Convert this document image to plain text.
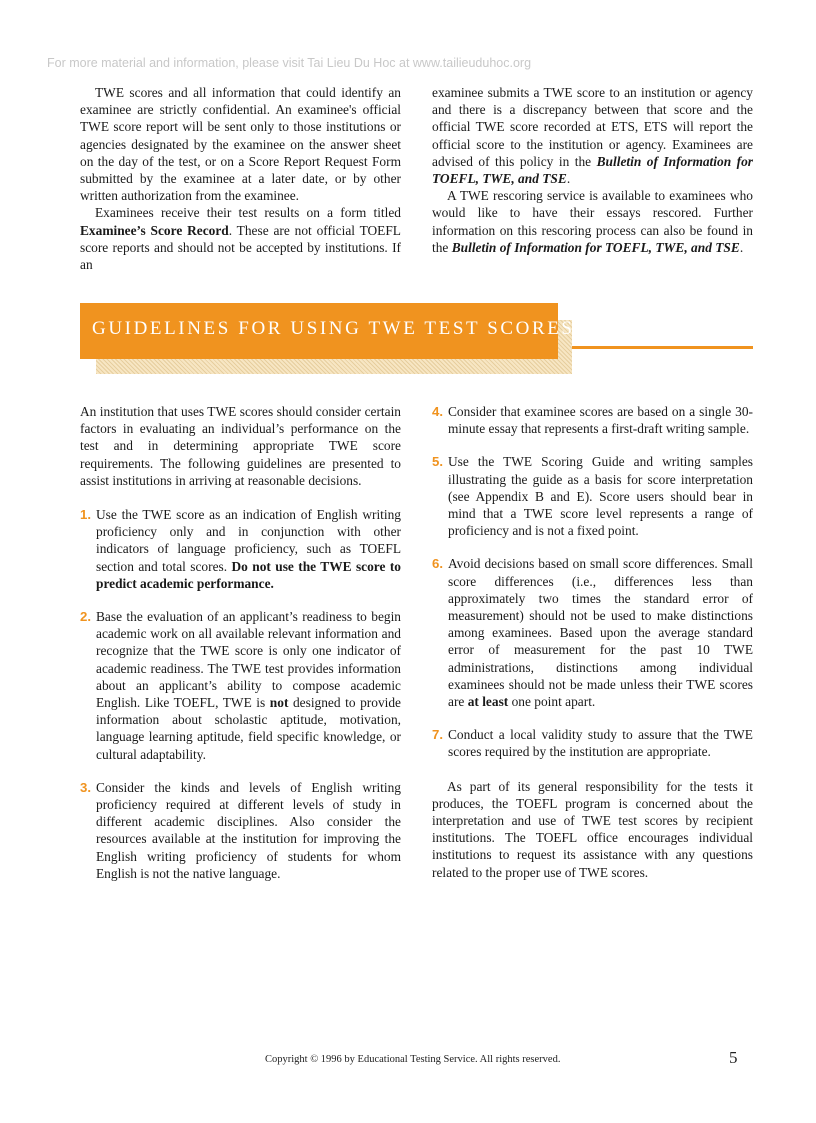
For more material and information, please visit Tai Lieu Du Hoc at www.tailieuduhoc.org

TWE scores and all information that could identify an examinee are strictly confidential. An examinee's official TWE score report will be sent only to those institutions or agencies designated by the examinee on the answer sheet on the day of the test, or on a Score Report Request Form submitted by the examinee at a later date, or by other written authorization from the examinee.

Examinees receive their test results on a form titled Examinee’s Score Record. These are not official TOEFL score reports and should not be accepted by institutions. If an

examinee submits a TWE score to an institution or agency and there is a discrepancy between that score and the official TWE score recorded at ETS, ETS will report the official score to the institution or agency. Examinees are advised of this policy in the Bulletin of Information for TOEFL, TWE, and TSE.

A TWE rescoring service is available to examinees who would like to have their essays rescored. Further information on this rescoring process can also be found in the Bulletin of Information for TOEFL, TWE, and TSE.

GUIDELINES FOR USING TWE TEST SCORES

An institution that uses TWE scores should consider certain factors in evaluating an individual’s performance on the test and in determining appropriate TWE score requirements. The following guidelines are presented to assist institutions in arriving at reasonable decisions.

1. Use the TWE score as an indication of English writing proficiency only and in conjunction with other indicators of language proficiency, such as TOEFL section and total scores. Do not use the TWE score to predict academic performance.
2. Base the evaluation of an applicant’s readiness to begin academic work on all available relevant information and recognize that the TWE score is only one indicator of academic readiness. The TWE test provides information about an applicant’s ability to compose academic English. Like TOEFL, TWE is not designed to provide information about scholastic aptitude, motivation, language learning aptitude, field specific knowledge, or cultural adaptability.
3. Consider the kinds and levels of English writing proficiency required at different levels of study in different academic disciplines. Also consider the resources available at the institution for improving the English writing proficiency of students for whom English is not the native language.
4. Consider that examinee scores are based on a single 30-minute essay that represents a first-draft writing sample.
5. Use the TWE Scoring Guide and writing samples illustrating the guide as a basis for score interpretation (see Appendix B and E). Score users should bear in mind that a TWE score level represents a range of proficiency and is not a fixed point.
6. Avoid decisions based on small score differences. Small score differences (i.e., differences less than approximately two times the standard error of measurement) should not be used to make distinctions among examinees. Based upon the average standard error of measurement for the past 10 TWE administrations, distinctions among individual examinees should not be made unless their TWE scores are at least one point apart.
7. Conduct a local validity study to assure that the TWE scores required by the institution are appropriate.

As part of its general responsibility for the tests it produces, the TOEFL program is concerned about the interpretation and use of TWE test scores by recipient institutions. The TOEFL office encourages individual institutions to request its assistance with any questions related to the proper use of TWE scores.

Copyright © 1996 by Educational Testing Service. All rights reserved.	5
